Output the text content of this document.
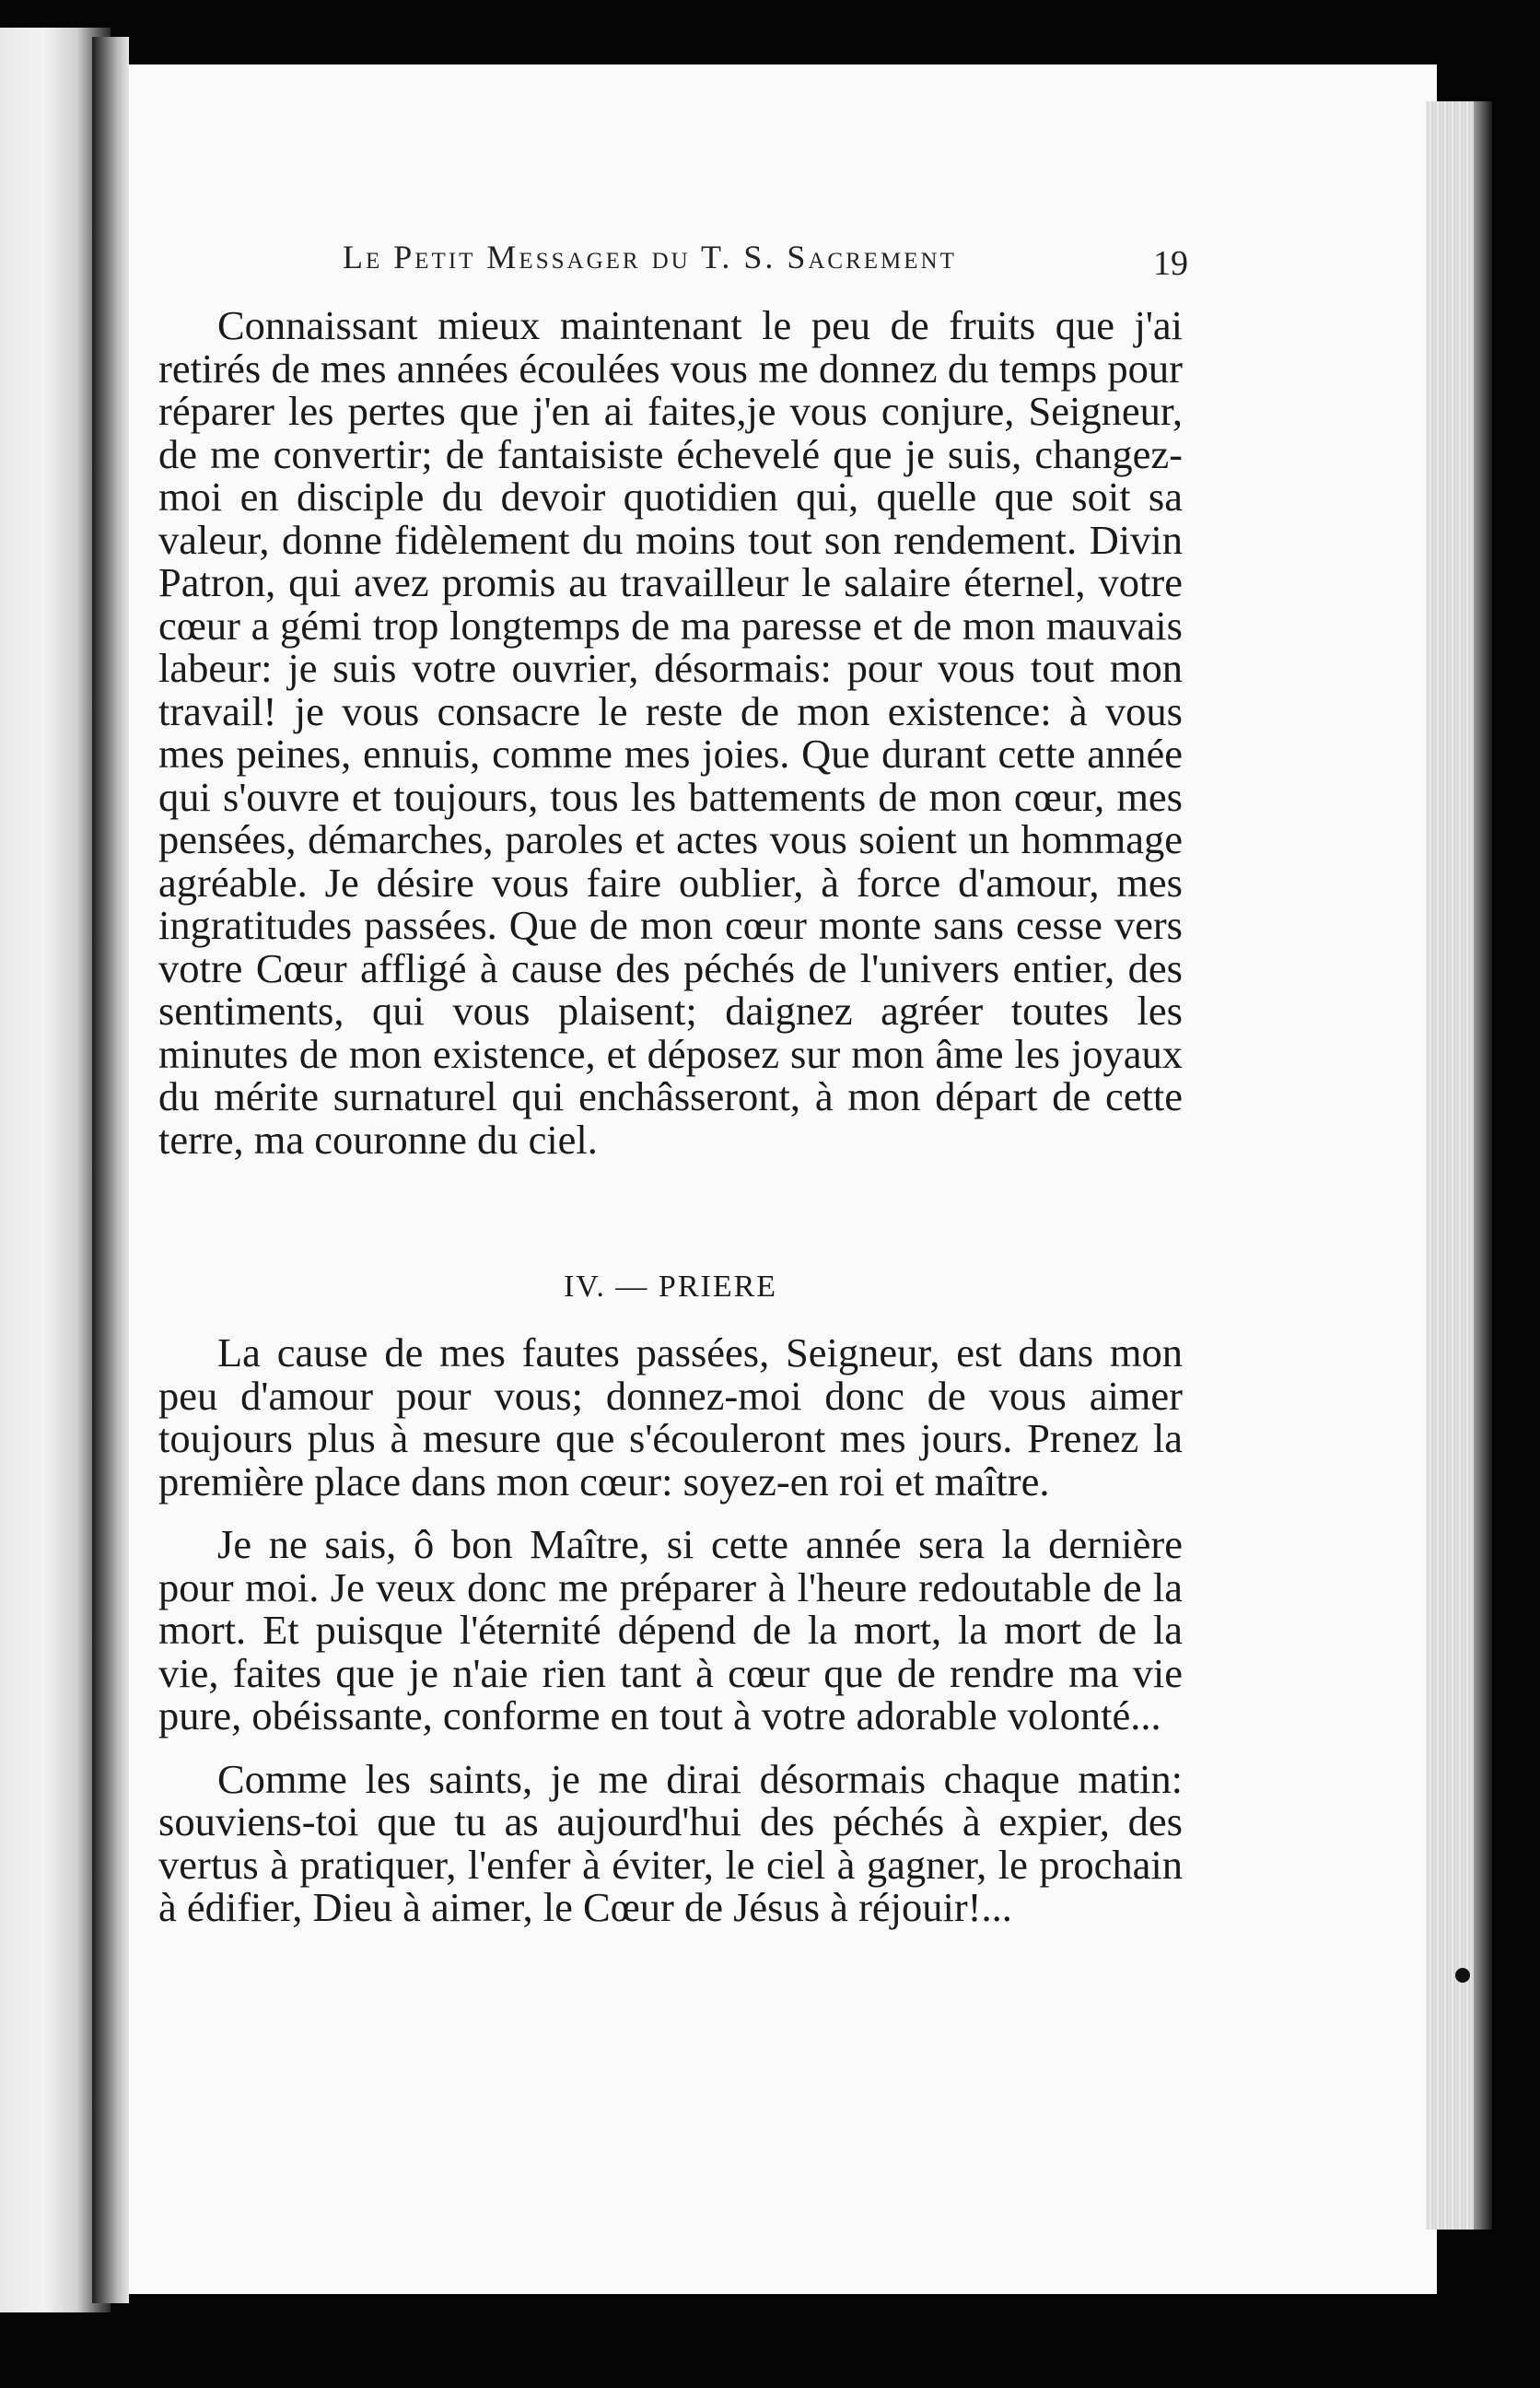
Le Petit Messager du T. S. Sacrement	19

Connaissant mieux maintenant le peu de fruits que j'ai retirés de mes années écoulées vous me donnez du temps pour réparer les pertes que j'en ai faites,je vous conjure, Seigneur, de me convertir; de fantaisiste échevelé que je suis, changez-moi en disciple du devoir quotidien qui, quelle que soit sa valeur, donne fidèlement du moins tout son rendement. Divin Patron, qui avez promis au travailleur le salaire éternel, votre cœur a gémi trop longtemps de ma paresse et de mon mauvais labeur: je suis votre ouvrier, désormais: pour vous tout mon travail! je vous consacre le reste de mon existence: à vous mes peines, ennuis, comme mes joies. Que durant cette année qui s'ouvre et toujours, tous les battements de mon cœur, mes pensées, démarches, paroles et actes vous soient un hommage agréable. Je désire vous faire oublier, à force d'amour, mes ingratitudes passées. Que de mon cœur monte sans cesse vers votre Cœur affligé à cause des péchés de l'univers entier, des sentiments, qui vous plaisent; daignez agréer toutes les minutes de mon existence, et déposez sur mon âme les joyaux du mérite surnaturel qui enchâsseront, à mon départ de cette terre, ma couronne du ciel.

IV. — PRIERE

La cause de mes fautes passées, Seigneur, est dans mon peu d'amour pour vous; donnez-moi donc de vous aimer toujours plus à mesure que s'écouleront mes jours. Prenez la première place dans mon cœur: soyez-en roi et maître.

Je ne sais, ô bon Maître, si cette année sera la dernière pour moi. Je veux donc me préparer à l'heure redoutable de la mort. Et puisque l'éternité dépend de la mort, la mort de la vie, faites que je n'aie rien tant à cœur que de rendre ma vie pure, obéissante, conforme en tout à votre adorable volonté...

Comme les saints, je me dirai désormais chaque matin: souviens-toi que tu as aujourd'hui des péchés à expier, des vertus à pratiquer, l'enfer à éviter, le ciel à gagner, le prochain à édifier, Dieu à aimer, le Cœur de Jésus à réjouir!...
